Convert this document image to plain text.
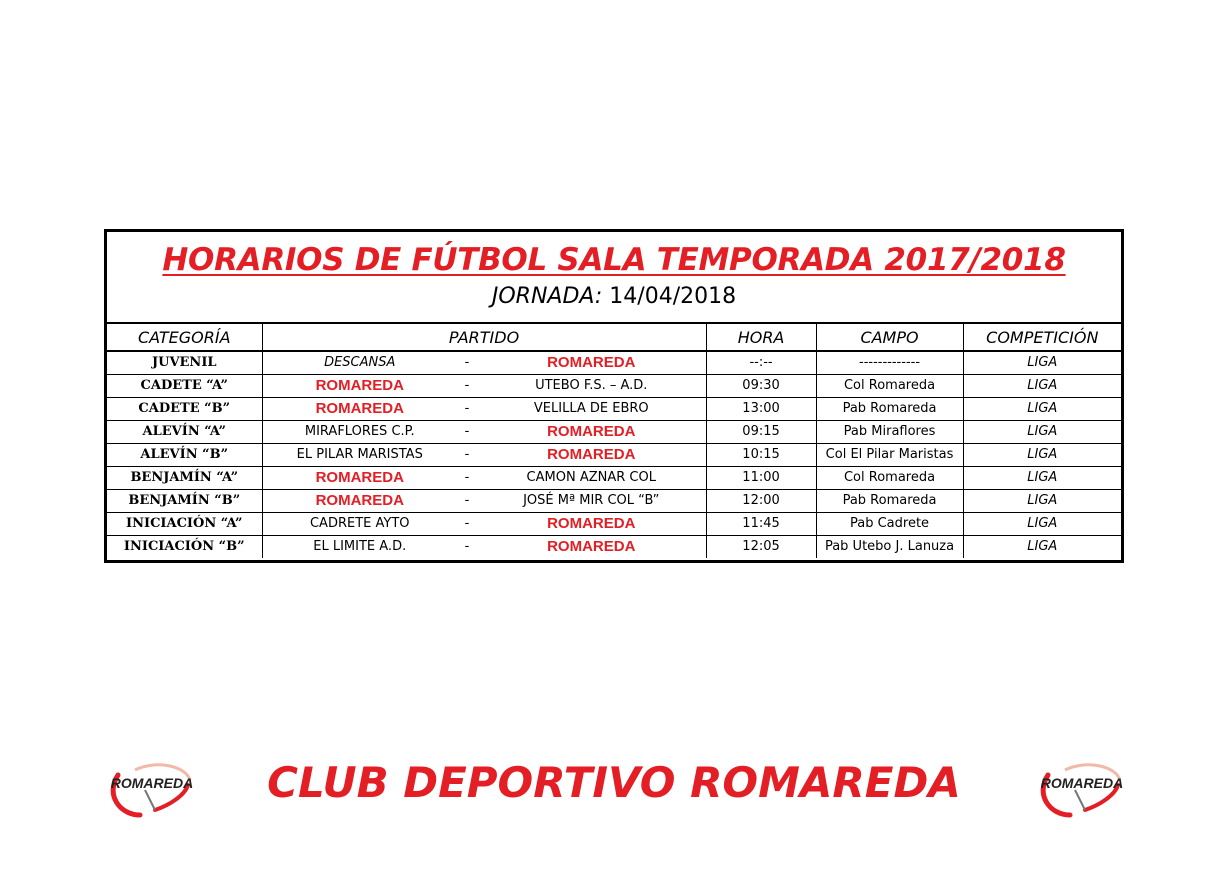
HORARIOS DE FÚTBOL SALA TEMPORADA 2017/2018
JORNADA: 14/04/2018
CATEGORÍA	PARTIDO			HORA	CAMPO	COMPETICIÓN
JUVENIL	DESCANSA	-	ROMAREDA	--:--	-------------	LIGA
CADETE “A”	ROMAREDA	-	UTEBO F.S. – A.D.	09:30	Col Romareda	LIGA
CADETE “B”	ROMAREDA	-	VELILLA DE EBRO	13:00	Pab Romareda	LIGA
ALEVÍN “A”	MIRAFLORES C.P.	-	ROMAREDA	09:15	Pab Miraflores	LIGA
ALEVÍN “B”	EL PILAR MARISTAS	-	ROMAREDA	10:15	Col El Pilar Maristas	LIGA
BENJAMÍN “A”	ROMAREDA	-	CAMON AZNAR COL	11:00	Col Romareda	LIGA
BENJAMÍN “B”	ROMAREDA	-	JOSÉ Mª MIR COL “B”	12:00	Pab Romareda	LIGA
INICIACIÓN “A”	CADRETE AYTO	-	ROMAREDA	11:45	Pab Cadrete	LIGA
INICIACIÓN “B”	EL LIMITE A.D.	-	ROMAREDA	12:05	Pab Utebo J. Lanuza	LIGA
ROMAREDA	ROMAREDA
CLUB DEPORTIVO ROMAREDA
